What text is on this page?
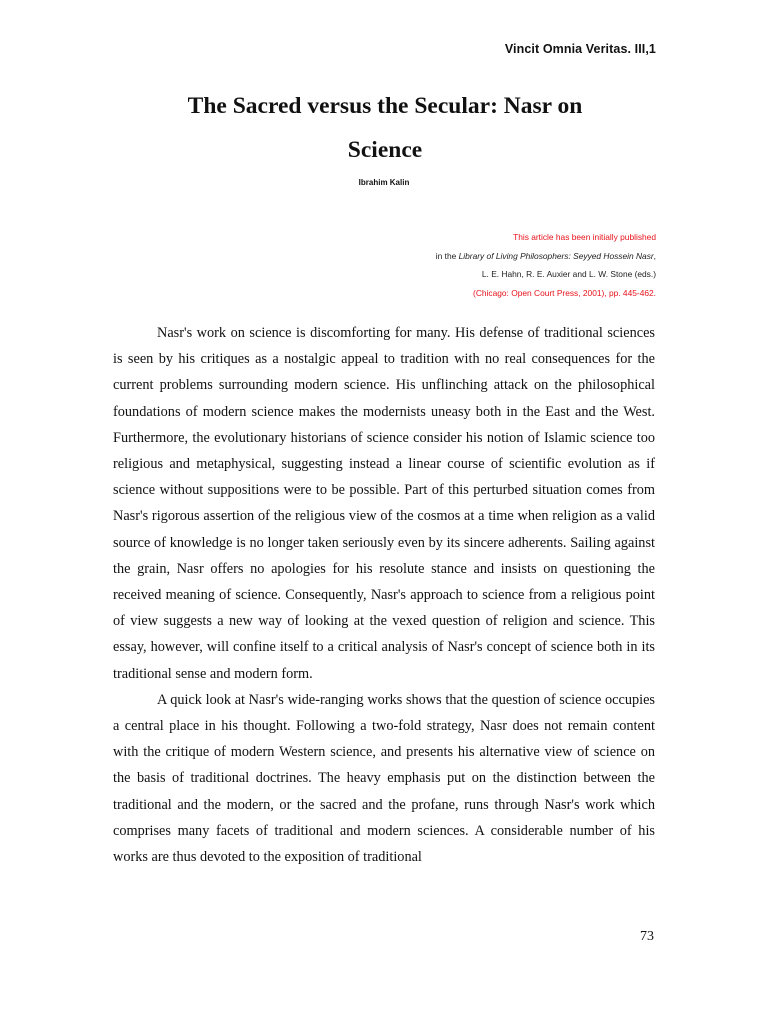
Vincit Omnia Veritas. III,1
The Sacred versus the Secular: Nasr on Science
Ibrahim Kalin
This article has been initially published
in the Library of Living Philosophers: Seyyed Hossein Nasr,
L. E. Hahn, R. E. Auxier and L. W. Stone (eds.)
(Chicago: Open Court Press, 2001), pp. 445-462.

Nasr's work on science is discomforting for many. His defense of traditional sciences is seen by his critiques as a nostalgic appeal to tradition with no real consequences for the current problems surrounding modern science. His unflinching attack on the philosophical foundations of modern science makes the modernists uneasy both in the East and the West. Furthermore, the evolutionary historians of science consider his notion of Islamic science too religious and metaphysical, suggesting instead a linear course of scientific evolution as if science without suppositions were to be possible. Part of this perturbed situation comes from Nasr's rigorous assertion of the religious view of the cosmos at a time when religion as a valid source of knowledge is no longer taken seriously even by its sincere adherents. Sailing against the grain, Nasr offers no apologies for his resolute stance and insists on questioning the received meaning of science. Consequently, Nasr's approach to science from a religious point of view suggests a new way of looking at the vexed question of religion and science. This essay, however, will confine itself to a critical analysis of Nasr's concept of science both in its traditional sense and modern form.

A quick look at Nasr's wide-ranging works shows that the question of science occupies a central place in his thought. Following a two-fold strategy, Nasr does not remain content with the critique of modern Western science, and presents his alternative view of science on the basis of traditional doctrines. The heavy emphasis put on the distinction between the traditional and the modern, or the sacred and the profane, runs through Nasr's work which comprises many facets of traditional and modern sciences. A considerable number of his works are thus devoted to the exposition of traditional

73
